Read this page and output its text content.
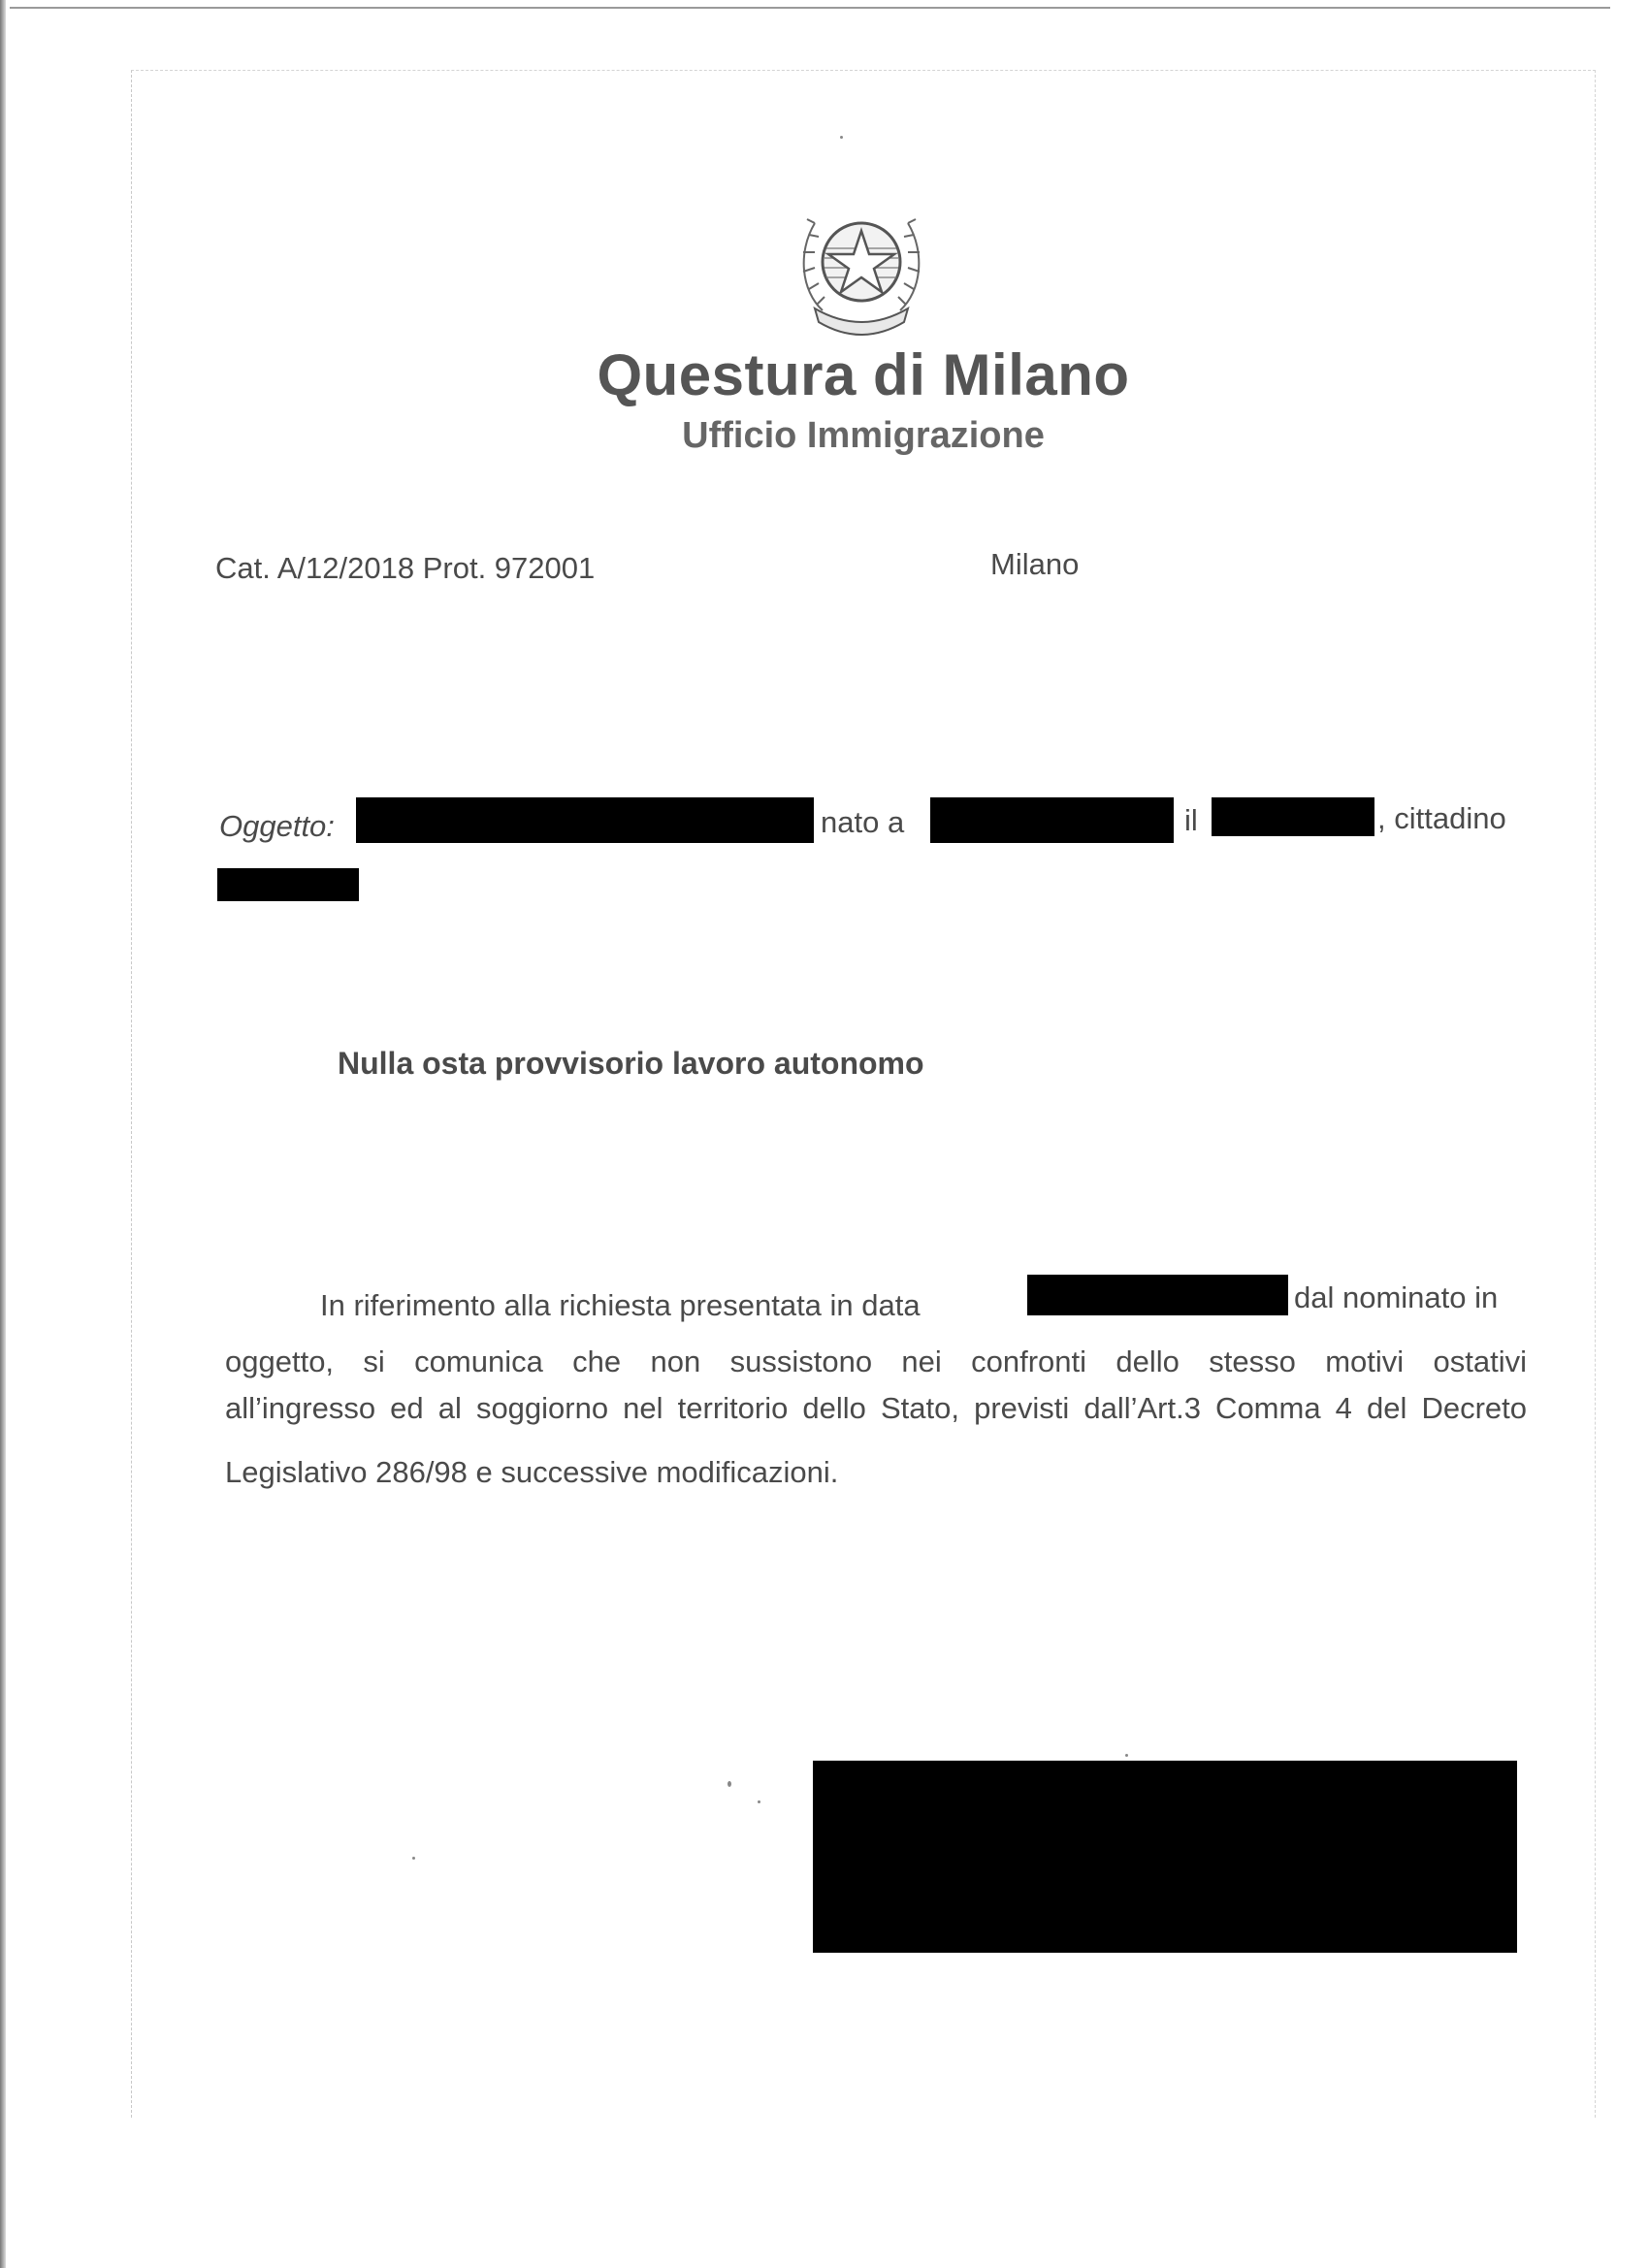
Questura di Milano
Ufficio Immigrazione
Cat. A/12/2018 Prot. 972001	Milano
Oggetto:	nato a	il	, cittadino
Nulla osta provvisorio lavoro autonomo
In riferimento alla richiesta presentata in data	dal nominato in
oggetto, si comunica che non sussistono nei confronti dello stesso motivi ostativi
all’ingresso ed al soggiorno nel territorio dello Stato, previsti dall’Art.3 Comma 4 del Decreto
Legislativo 286/98 e successive modificazioni.
